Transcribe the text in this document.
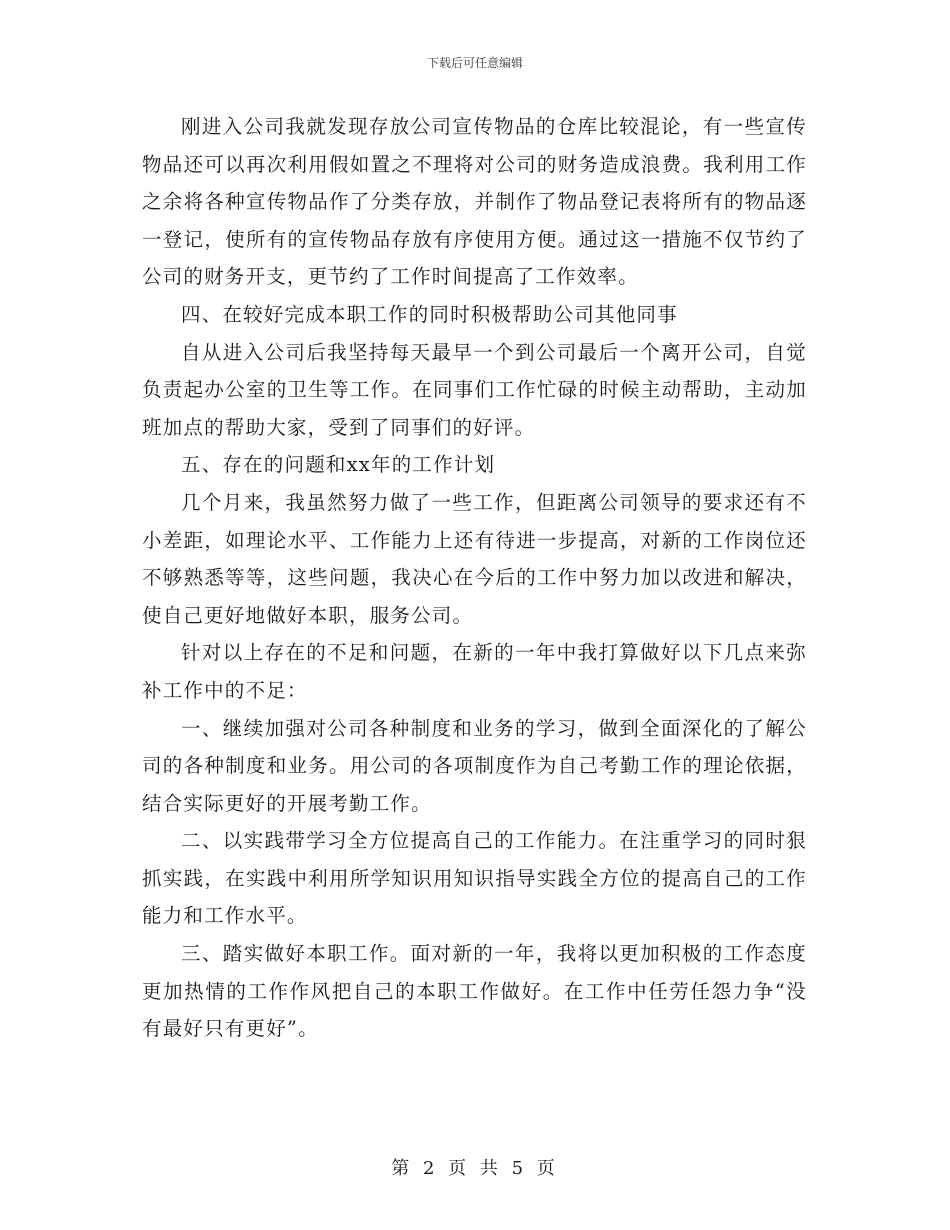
下载后可任意编辑

刚进入公司我就发现存放公司宣传物品的仓库比较混论，有一些宣传物品还可以再次利用假如置之不理将对公司的财务造成浪费。我利用工作之余将各种宣传物品作了分类存放，并制作了物品登记表将所有的物品逐一登记，使所有的宣传物品存放有序使用方便。通过这一措施不仅节约了公司的财务开支，更节约了工作时间提高了工作效率。

四、在较好完成本职工作的同时积极帮助公司其他同事

自从进入公司后我坚持每天最早一个到公司最后一个离开公司，自觉负责起办公室的卫生等工作。在同事们工作忙碌的时候主动帮助，主动加班加点的帮助大家，受到了同事们的好评。

五、存在的问题和xx年的工作计划

几个月来，我虽然努力做了一些工作，但距离公司领导的要求还有不小差距，如理论水平、工作能力上还有待进一步提高，对新的工作岗位还不够熟悉等等，这些问题，我决心在今后的工作中努力加以改进和解决，使自己更好地做好本职，服务公司。

针对以上存在的不足和问题，在新的一年中我打算做好以下几点来弥补工作中的不足：

一、继续加强对公司各种制度和业务的学习，做到全面深化的了解公司的各种制度和业务。用公司的各项制度作为自己考勤工作的理论依据，结合实际更好的开展考勤工作。

二、以实践带学习全方位提高自己的工作能力。在注重学习的同时狠抓实践，在实践中利用所学知识用知识指导实践全方位的提高自己的工作能力和工作水平。

三、踏实做好本职工作。面对新的一年，我将以更加积极的工作态度更加热情的工作作风把自己的本职工作做好。在工作中任劳任怨力争“没有最好只有更好”。

第 2 页 共 5 页
